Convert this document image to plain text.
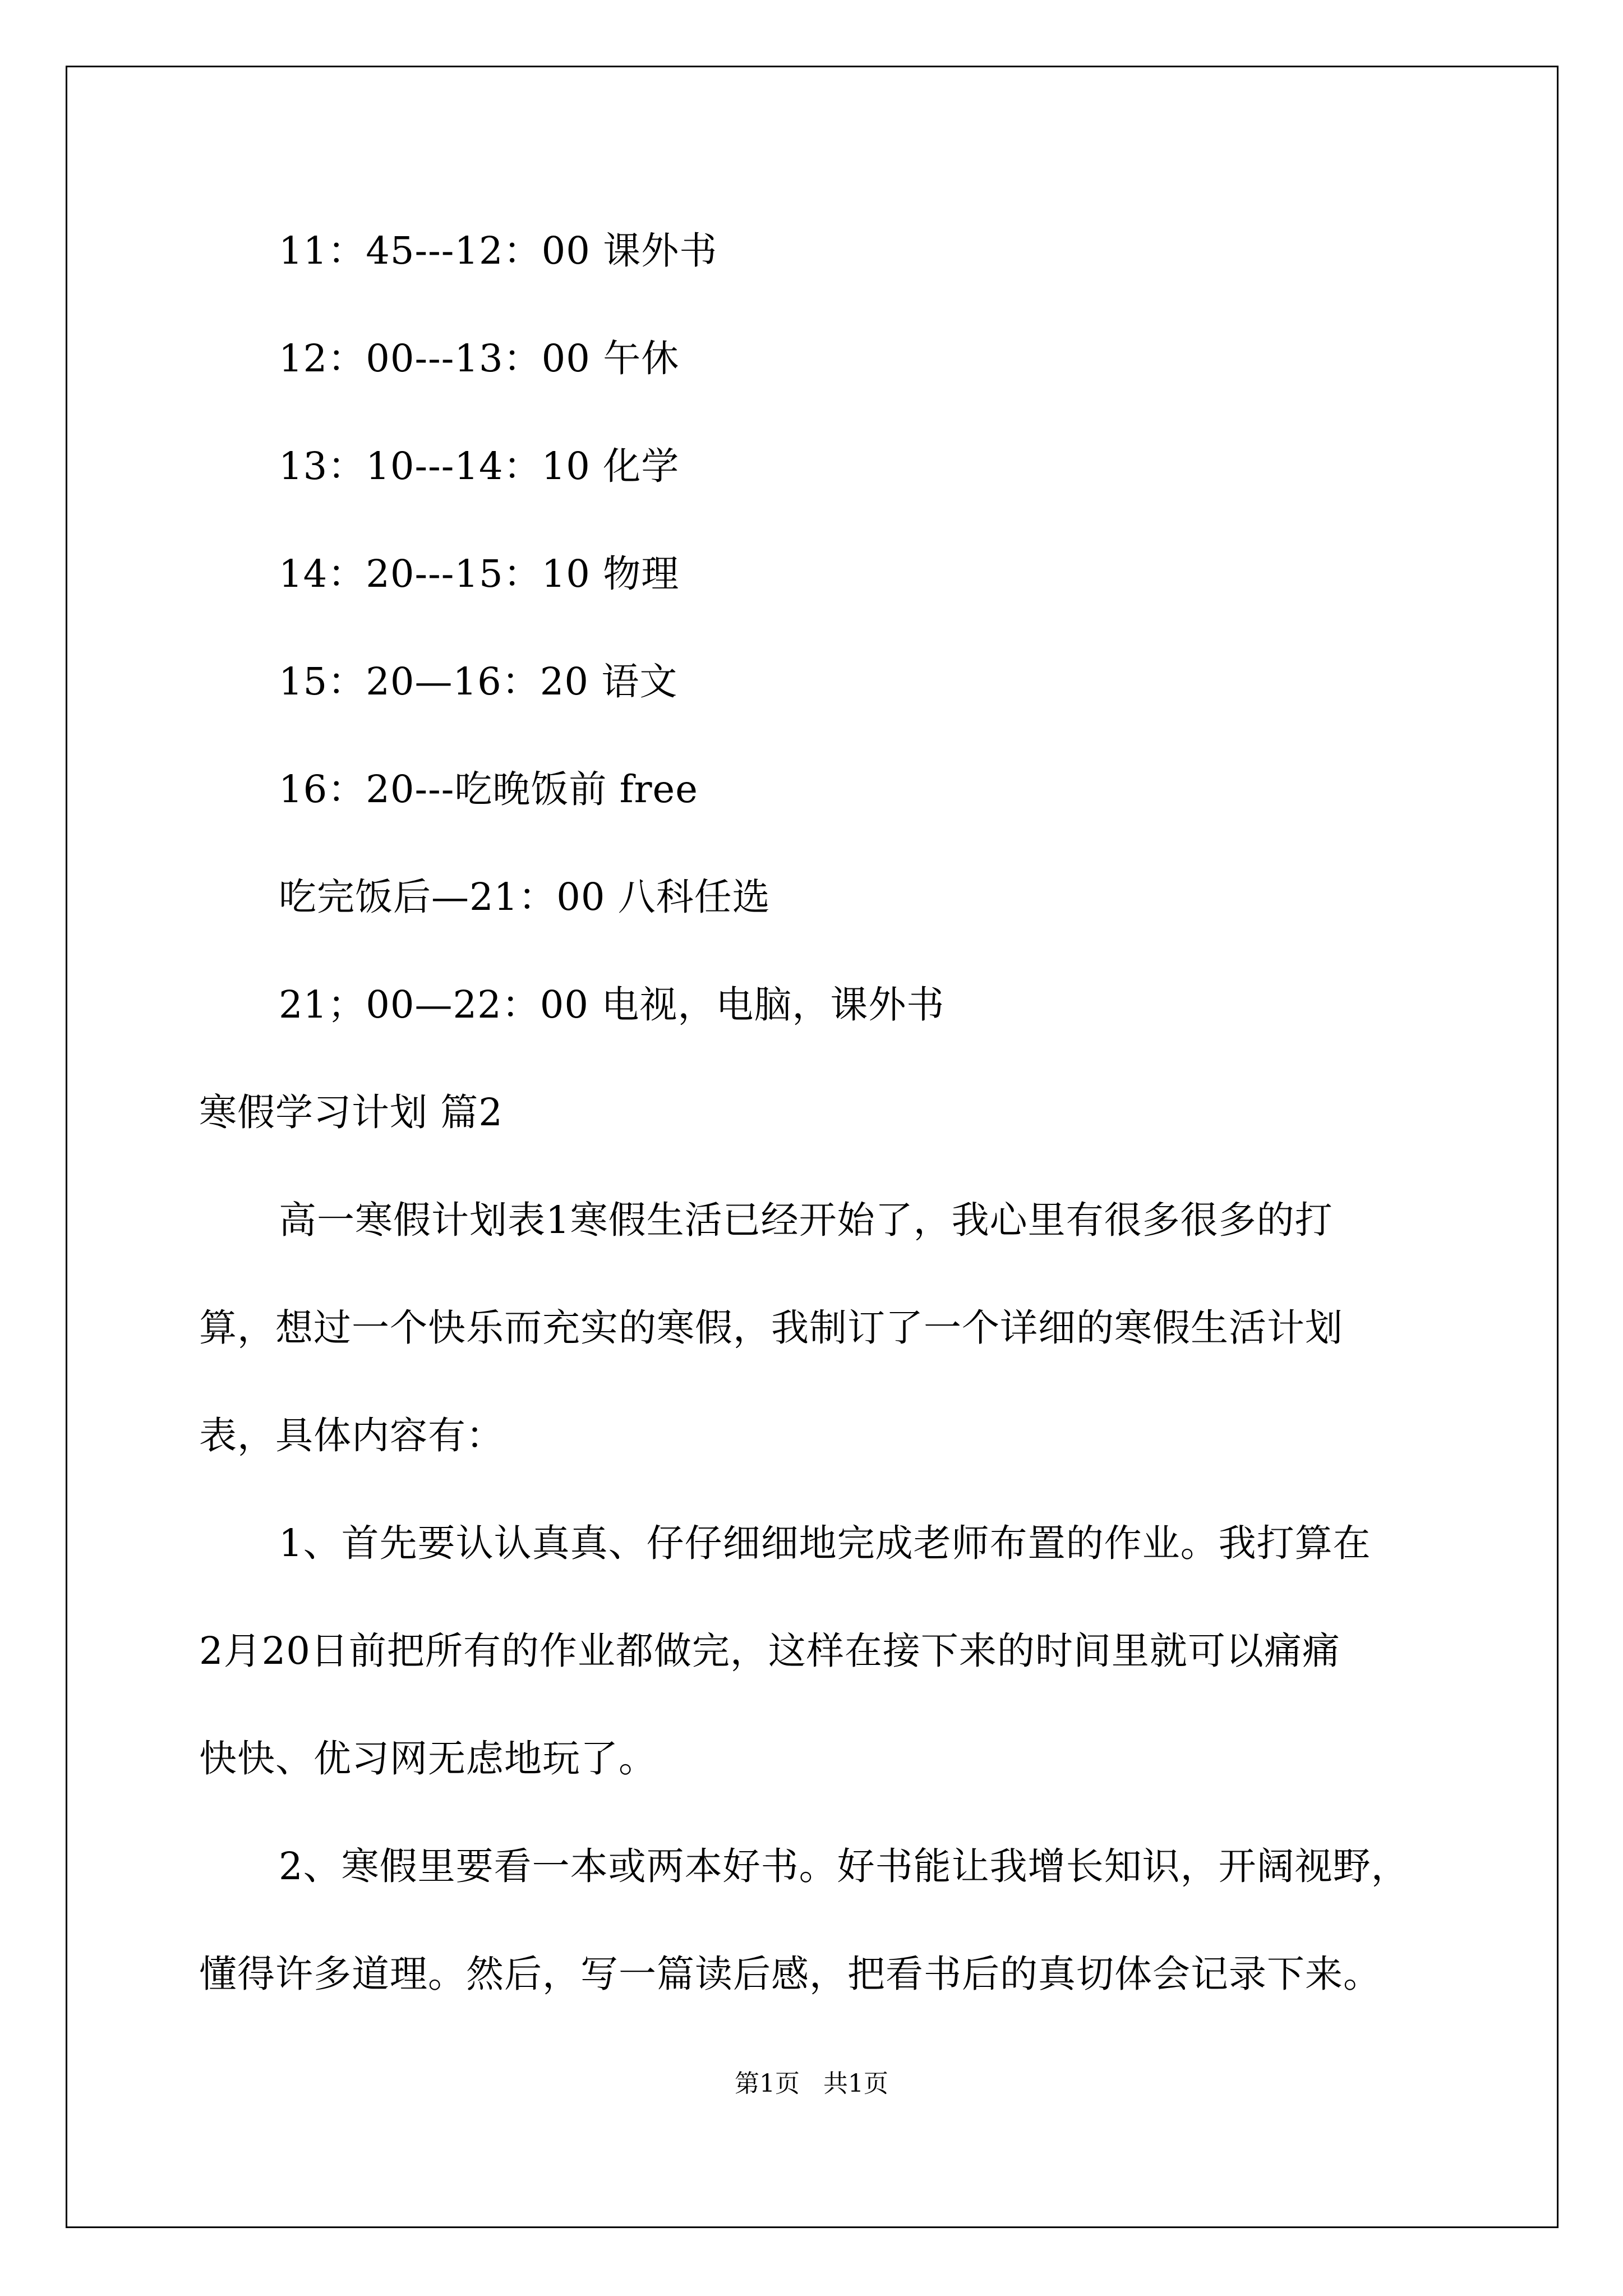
11：45---12：00 课外书
12：00---13：00 午休
13：10---14：10 化学
14：20---15：10 物理
15：20—16：20 语文
16：20---吃晚饭前 free
吃完饭后—21：00 八科任选
21；00—22：00 电视，电脑，课外书
寒假学习计划 篇2
高一寒假计划表1寒假生活已经开始了，我心里有很多很多的打
算，想过一个快乐而充实的寒假，我制订了一个详细的寒假生活计划
表，具体内容有：
1、首先要认认真真、仔仔细细地完成老师布置的作业。我打算在
2月20日前把所有的作业都做完，这样在接下来的时间里就可以痛痛
快快、优习网无虑地玩了。
2、寒假里要看一本或两本好书。好书能让我增长知识，开阔视野，
懂得许多道理。然后，写一篇读后感，把看书后的真切体会记录下来。
第1页   共1页
